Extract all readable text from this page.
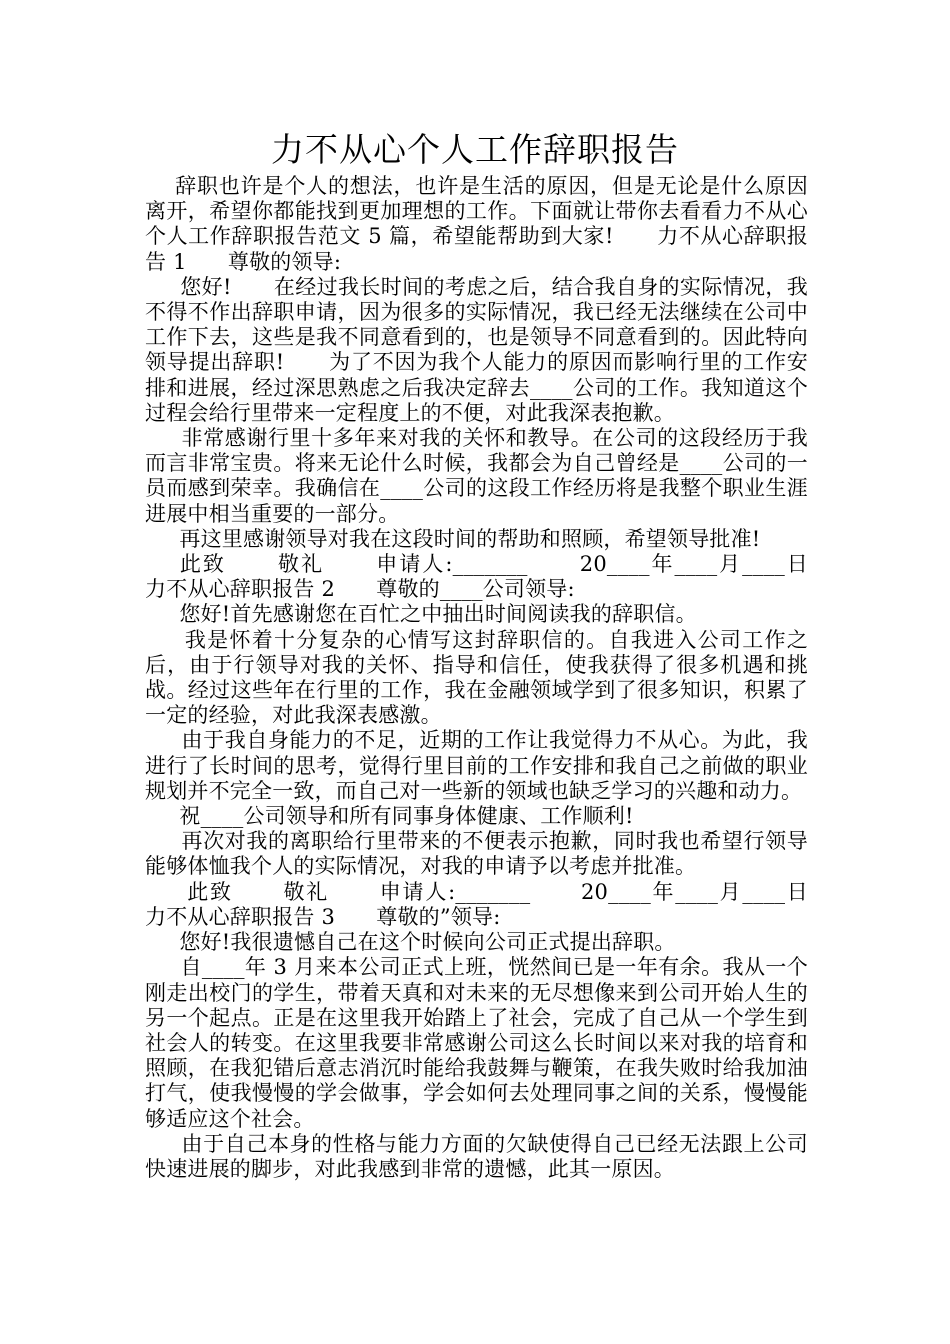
力不从心个人工作辞职报告

辞职也许是个人的想法，也许是生活的原因，但是无论是什么原因离开，希望你都能找到更加理想的工作。下面就让带你去看看力不从心个人工作辞职报告范文 5 篇，希望能帮助到大家!      力不从心辞职报告 1      尊敬的领导:

您好!      在经过我长时间的考虑之后，结合我自身的实际情况，我不得不作出辞职申请，因为很多的实际情况，我已经无法继续在公司中工作下去，这些是我不同意看到的，也是领导不同意看到的。因此特向领导提出辞职!      为了不因为我个人能力的原因而影响行里的工作安排和进展，经过深思熟虑之后我决定辞去____公司的工作。我知道这个过程会给行里带来一定程度上的不便，对此我深表抱歉。

非常感谢行里十多年来对我的关怀和教导。在公司的这段经历于我而言非常宝贵。将来无论什么时候，我都会为自己曾经是____公司的一员而感到荣幸。我确信在____公司的这段工作经历将是我整个职业生涯进展中相当重要的一部分。

再这里感谢领导对我在这段时间的帮助和照顾，希望领导批准!

此致      敬礼      申请人:_______      20____年____月____日      力不从心辞职报告 2      尊敬的____公司领导:

您好!首先感谢您在百忙之中抽出时间阅读我的辞职信。

我是怀着十分复杂的心情写这封辞职信的。自我进入公司工作之后，由于行领导对我的关怀、指导和信任，使我获得了很多机遇和挑战。经过这些年在行里的工作，我在金融领域学到了很多知识，积累了一定的经验，对此我深表感激。

由于我自身能力的不足，近期的工作让我觉得力不从心。为此，我进行了长时间的思考，觉得行里目前的工作安排和我自己之前做的职业规划并不完全一致，而自己对一些新的领域也缺乏学习的兴趣和动力。

祝____公司领导和所有同事身体健康、工作顺利!

再次对我的离职给行里带来的不便表示抱歉，同时我也希望行领导能够体恤我个人的实际情况，对我的申请予以考虑并批准。

此致      敬礼      申请人:_______      20____年____月____日      力不从心辞职报告 3      尊敬的”领导:

您好!我很遗憾自己在这个时候向公司正式提出辞职。

自____年 3 月来本公司正式上班，恍然间已是一年有余。我从一个刚走出校门的学生，带着天真和对未来的无尽想像来到公司开始人生的另一个起点。正是在这里我开始踏上了社会，完成了自己从一个学生到社会人的转变。在这里我要非常感谢公司这么长时间以来对我的培育和照顾，在我犯错后意志消沉时能给我鼓舞与鞭策，在我失败时给我加油打气，使我慢慢的学会做事，学会如何去处理同事之间的关系，慢慢能够适应这个社会。

由于自己本身的性格与能力方面的欠缺使得自己已经无法跟上公司快速进展的脚步，对此我感到非常的遗憾，此其一原因。
